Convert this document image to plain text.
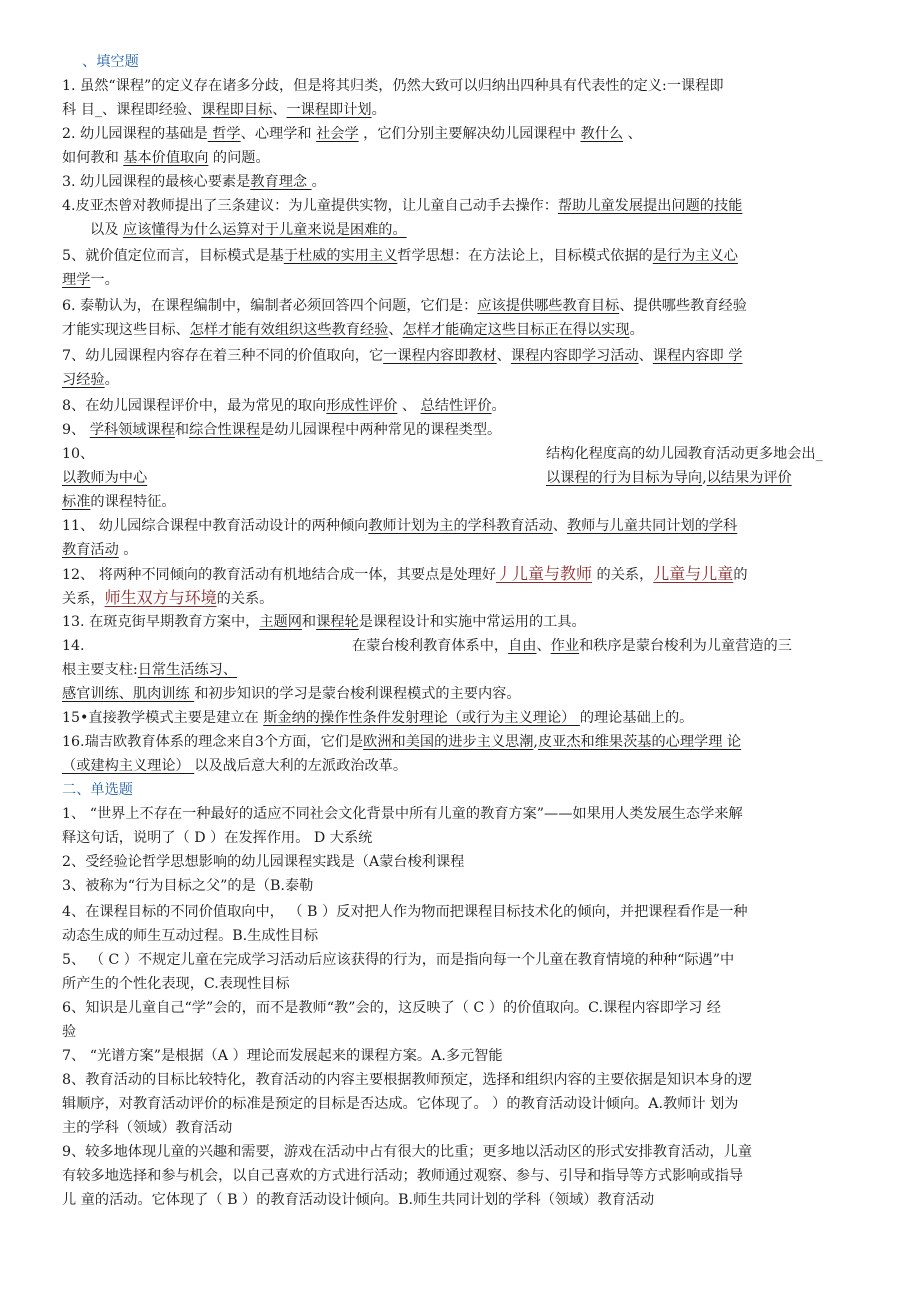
、填空题
1. 虽然“课程”的定义存在诸多分歧，但是将其归类，仍然大致可以归纳出四种具有代表性的定义:一课程即
科 目_、课程即经验、课程即目标、一课程即计划。
2. 幼儿园课程的基础是 哲学、心理学和 社会学 ，它们分别主要解决幼儿园课程中 教什么 、
如何教和 基本价值取向 的问题。
3. 幼儿园课程的最核心要素是教育理念 。
4.皮亚杰曾对教师提出了三条建议：为儿童提供实物，让儿童自己动手去操作：帮助儿童发展提出问题的技能
以及 应该懂得为什么运算对于儿童来说是困难的。
5、就价值定位而言，目标模式是基于杜威的实用主义哲学思想：在方法论上，目标模式依据的是行为主义心
理学一。
6. 泰勒认为，在课程编制中，编制者必须回答四个问题，它们是：应该提供哪些教育目标、提供哪些教育经验
才能实现这些目标、怎样才能有效组织这些教育经验、怎样才能确定这些目标正在得以实现。
7、幼儿园课程内容存在着三种不同的价值取向，它一课程内容即教材、课程内容即学习活动、课程内容即 学
习经验。
8、在幼儿园课程评价中，最为常见的取向形成性评价 、 总结性评价。
9、 学科领域课程和综合性课程是幼儿园课程中两种常见的课程类型。
10、	结构化程度高的幼儿园教育活动更多地会出_
以教师为中心	以课程的行为目标为导向,以结果为评价
标准的课程特征。
11、 幼儿园综合课程中教育活动设计的两种倾向教师计划为主的学科教育活动、教师与儿童共同计划的学科
教育活动 。
12、 将两种不同倾向的教育活动有机地结合成一体，其要点是处理好丿儿童与教师 的关系，儿童与儿童的
关系，师生双方与环境的关系。
13. 在斑克街早期教育方案中，主题网和课程轮是课程设计和实施中常运用的工具。
14.	在蒙台梭利教育体系中，自由、作业和秩序是蒙台梭利为儿童营造的三
根主要支柱:日常生活练习、
感官训练、肌肉训练 和初步知识的学习是蒙台梭利课程模式的主要内容。
15•直接教学模式主要是建立在 斯金纳的操作性条件发射理论（或行为主义理论） 的理论基础上的。
16.瑞吉欧教育体系的理念来自3个方面，它们是欧洲和美国的进步主义思潮,皮亚杰和维果茨基的心理学理 论
（或建构主义理论） 以及战后意大利的左派政治改革。
二、单选题
1、 “世界上不存在一种最好的适应不同社会文化背景中所有儿童的教育方案”——如果用人类发展生态学来解
释这句话，说明了（ D ）在发挥作用。 D 大系统
2、受经验论哲学思想影响的幼儿园课程实践是（A蒙台梭利课程
3、被称为“行为目标之父”的是（B.泰勒
4、在课程目标的不同价值取向中， （ B ）反对把人作为物而把课程目标技术化的倾向，并把课程看作是一种
动态生成的师生互动过程。B.生成性目标
5、 （ C ）不规定儿童在完成学习活动后应该获得的行为，而是指向每一个儿童在教育情境的种种“际遇”中
所产生的个性化表现，C.表现性目标
6、知识是儿童自己“学”会的，而不是教师“教”会的，这反映了（ C ）的价值取向。C.课程内容即学习 经
验
7、 “光谱方案”是根据（A ）理论而发展起来的课程方案。A.多元智能
8、教育活动的目标比较特化，教育活动的内容主要根据教师预定，选择和组织内容的主要依据是知识本身的逻
辑顺序，对教育活动评价的标准是预定的目标是否达成。它体现了。 ）的教育活动设计倾向。A.教师计 划为
主的学科（领域）教育活动
9、较多地体现儿童的兴趣和需要，游戏在活动中占有很大的比重；更多地以活动区的形式安排教育活动，儿童
有较多地选择和参与机会，以自己喜欢的方式进行活动；教师通过观察、参与、引导和指导等方式影响或指导
儿 童的活动。它体现了（ B ）的教育活动设计倾向。B.师生共同计划的学科（领域）教育活动
